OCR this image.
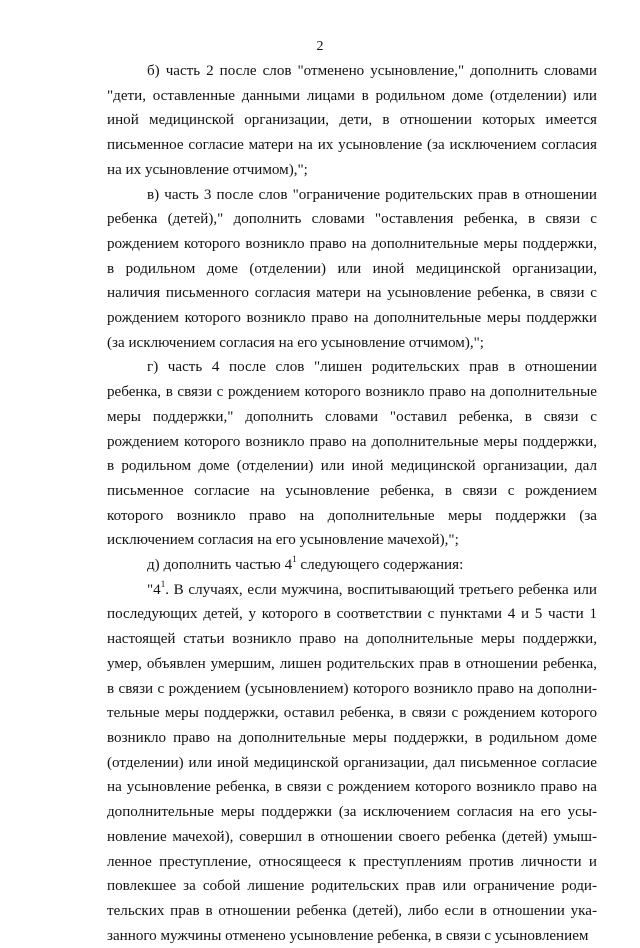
2

б) часть 2 после слов "отменено усыновление," дополнить словами "дети, оставленные данными лицами в родильном доме (отделении) или иной медицинской организации, дети, в отношении которых имеется письменное согласие матери на их усыновление (за исключением согласия на их усыновление отчимом),";

в) часть 3 после слов "ограничение родительских прав в отношении ребенка (детей)," дополнить словами "оставления ребенка, в связи с рождением которого возникло право на дополнительные меры поддержки, в родильном доме (отделении) или иной медицинской организации, наличия письменного согласия матери на усыновление ребенка, в связи с рождением которого возникло право на дополнительные меры поддержки (за исключением согласия на его усыновление отчимом),";

г) часть 4 после слов "лишен родительских прав в отношении ребенка, в связи с рождением которого возникло право на дополнительные меры поддержки," дополнить словами "оставил ребенка, в связи с рождением которого возникло право на дополнительные меры поддержки, в родильном доме (отделении) или иной медицинской организации, дал письменное согласие на усыновление ребенка, в связи с рождением которого возникло право на дополнительные меры поддержки (за исключением согласия на его усыновление мачехой),";

д) дополнить частью $4^1$ следующего содержания:

"$4^1$. В случаях, если мужчина, воспитывающий третьего ребенка или последующих детей, у которого в соответствии с пунктами 4 и 5 части 1 настоящей статьи возникло право на дополнительные меры поддержки, умер, объявлен умершим, лишен родительских прав в отношении ребенка, в связи с рождением (усыновлением) которого возникло право на дополнительные меры поддержки, оставил ребенка, в связи с рождением которого возникло право на дополнительные меры поддержки, в родильном доме (отделении) или иной медицинской организации, дал письменное согласие на усыновление ребенка, в связи с рождением которого возникло право на дополнительные меры поддержки (за исключением согласия на его усыновление мачехой), совершил в отношении своего ребенка (детей) умышленное преступление, относящееся к преступлениям против личности и повлекшее за собой лишение родительских прав или ограничение родительских прав в отношении ребенка (детей), либо если в отношении указанного мужчины отменено усыновление ребенка, в связи с усыновлением
